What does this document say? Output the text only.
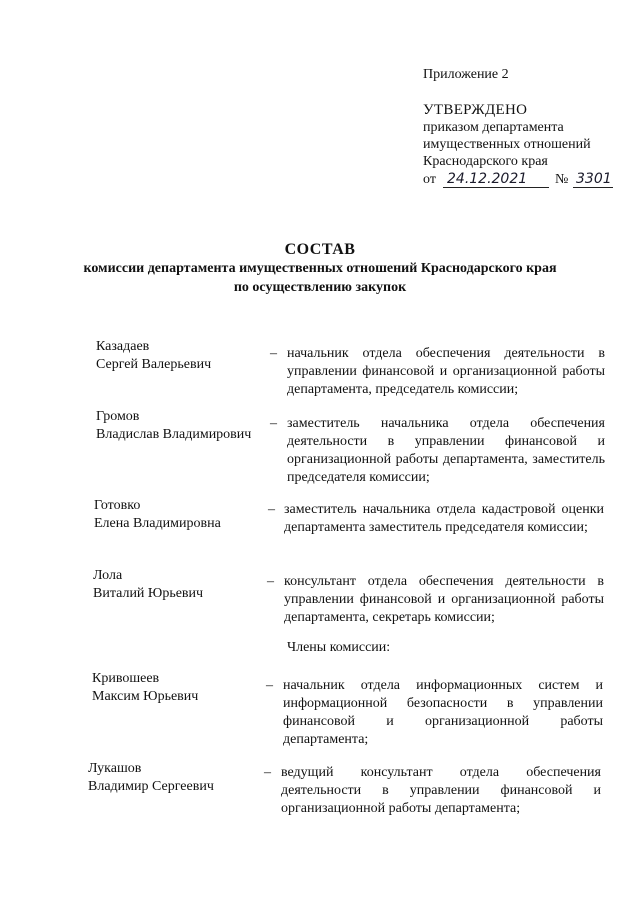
Приложение 2
УТВЕРЖДЕНО
приказом департамента
имущественных отношений
Краснодарского края
от 24.12.2021 № 3301
СОСТАВ
комиссии департамента имущественных отношений Краснодарского края
по осуществлению закупок
Казадаев
Сергей Валерьевич
– начальник отдела обеспечения деятельности в управлении финансовой и организационной работы департамента, председатель комиссии;
Громов
Владислав Владимирович
– заместитель начальника отдела обеспечения деятельности в управлении финансовой и организационной работы департамента, заместитель председателя комиссии;
Готовко
Елена Владимировна
– заместитель начальника отдела кадастровой оценки департамента заместитель председателя комиссии;
Лола
Виталий Юрьевич
– консультант отдела обеспечения деятельности в управлении финансовой и организационной работы департамента, секретарь комиссии;
Члены комиссии:
Кривошеев
Максим Юрьевич
– начальник отдела информационных систем и информационной безопасности в управлении финансовой и организационной работы департамента;
Лукашов
Владимир Сергеевич
– ведущий консультант отдела обеспечения деятельности в управлении финансовой и организационной работы департамента;
